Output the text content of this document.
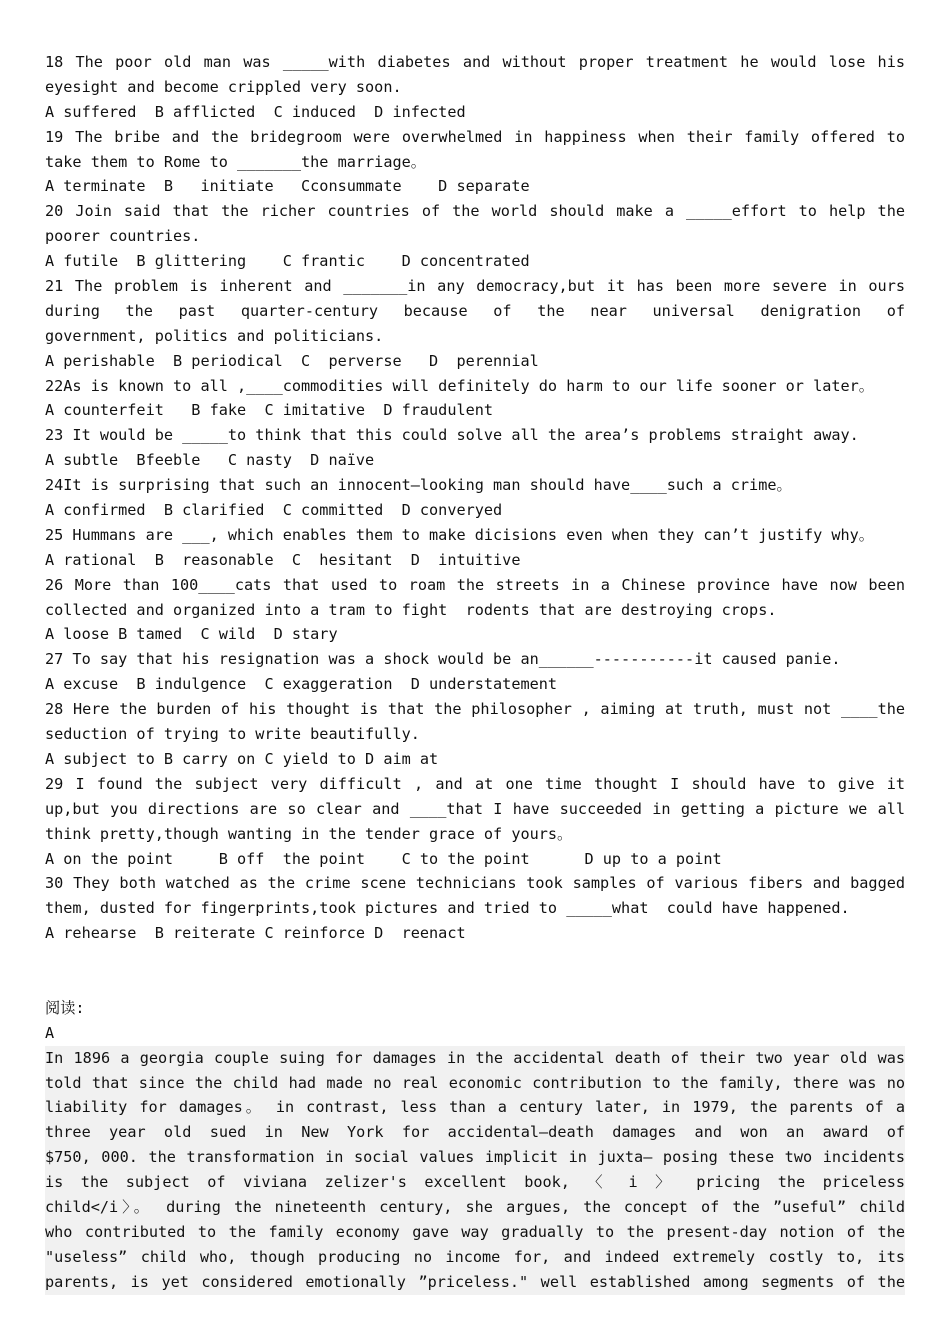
18 The poor old man was _____with diabetes and without proper treatment he would lose his
eyesight and become crippled very soon.
A suffered  B afflicted  C induced  D infected
19 The bribe and the bridegroom were overwhelmed in happiness when their family offered to
take them to Rome to _______the marriage。
A terminate  B   initiate   Cconsummate    D separate
20 Join said that the richer countries of the world should make a _____effort to help the
poorer countries.
A futile  B glittering    C frantic    D concentrated
21 The problem is inherent and _______in any democracy,but it has been more severe in ours
during the past quarter-century because of the near universal denigration of
government, politics and politicians.
A perishable  B periodical  C  perverse   D  perennial
22As is known to all ,____commodities will definitely do harm to our life sooner or later。
A counterfeit   B fake  C imitative  D fraudulent
23 It would be _____to think that this could solve all the area’s problems straight away.
A subtle  Bfeeble   C nasty  D naïve
24It is surprising that such an innocent—looking man should have____such a crime。
A confirmed  B clarified  C committed  D converyed
25 Hummans are ___, which enables them to make dicisions even when they can’t justify why。
A rational  B  reasonable  C  hesitant  D  intuitive
26 More than 100____cats that used to roam the streets in a Chinese province have now been
collected and organized into a tram to fight  rodents that are destroying crops.
A loose B tamed  C wild  D stary
27 To say that his resignation was a shock would be an______-----------it caused panie.
A excuse  B indulgence  C exaggeration  D understatement
28 Here the burden of his thought is that the philosopher , aiming at truth, must not ____the
seduction of trying to write beautifully.
A subject to B carry on C yield to D aim at
29 I found the subject very difficult , and at one time thought I should have to give it
up,but you directions are so clear and ____that I have succeeded in getting a picture we all
think pretty,though wanting in the tender grace of yours。
A on the point     B off  the point    C to the point      D up to a point
30 They both watched as the crime scene technicians took samples of various fibers and bagged
them, dusted for fingerprints,took pictures and tried to _____what  could have happened.
A rehearse  B reiterate C reinforce D  reenact
阅读:
A
In 1896 a georgia couple suing for damages in the accidental death of their two year old was
told that since the child had made no real economic contribution to the family, there was no
liability for damages。 in contrast, less than a century later, in 1979, the parents of a
three year old sued in New York for accidental—death damages and won an award of
$750, 000. the transformation in social values implicit in juxta— posing these two incidents
is the subject of viviana zelizer's excellent book, 〈 i 〉 pricing the priceless
child</i〉。 during the nineteenth century, she argues, the concept of the ”useful” child
who contributed to the family economy gave way gradually to the present-day notion of the
"useless” child who, though producing no income for, and indeed extremely costly to, its
parents, is yet considered emotionally ”priceless." well established among segments of the
